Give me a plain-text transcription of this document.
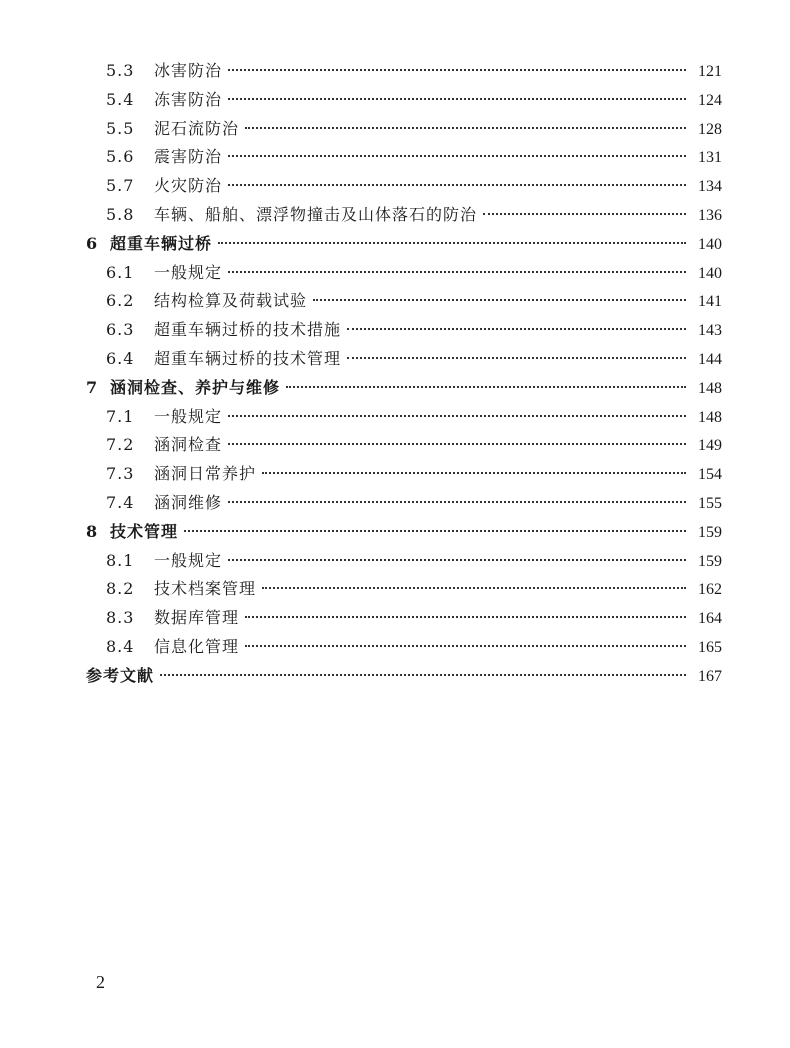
5.3	冰害防治	121
5.4	冻害防治	124
5.5	泥石流防治	128
5.6	震害防治	131
5.7	火灾防治	134
5.8	车辆、船舶、漂浮物撞击及山体落石的防治	136
6 超重车辆过桥	140
6.1	一般规定	140
6.2	结构检算及荷载试验	141
6.3	超重车辆过桥的技术措施	143
6.4	超重车辆过桥的技术管理	144
7 涵洞检查、养护与维修	148
7.1	一般规定	148
7.2	涵洞检查	149
7.3	涵洞日常养护	154
7.4	涵洞维修	155
8 技术管理	159
8.1	一般规定	159
8.2	技术档案管理	162
8.3	数据库管理	164
8.4	信息化管理	165
参考文献	167
2
